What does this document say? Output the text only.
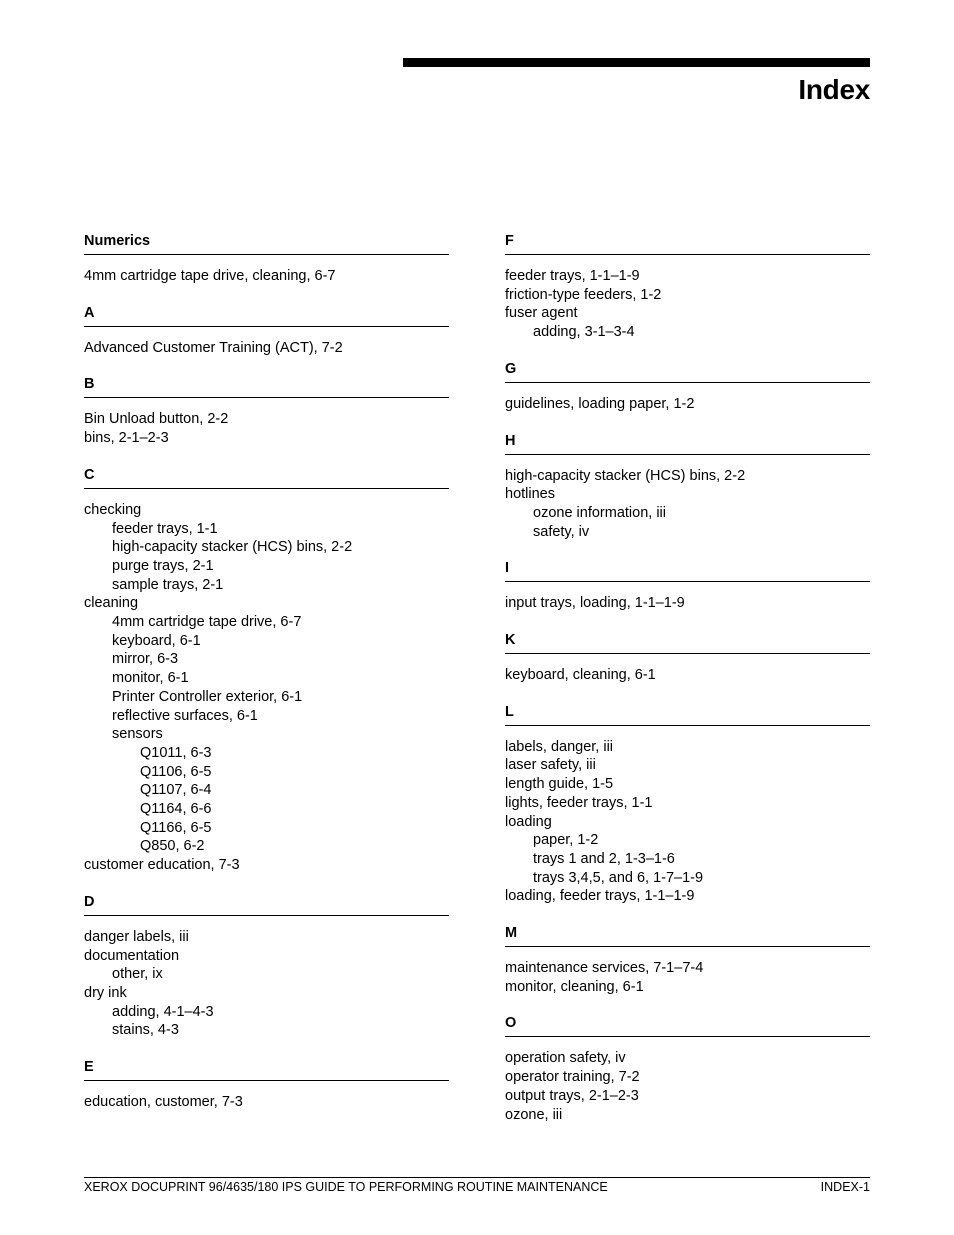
Index
Numerics
4mm cartridge tape drive, cleaning, 6-7
A
Advanced Customer Training (ACT), 7-2
B
Bin Unload button, 2-2
bins, 2-1–2-3
C
checking
feeder trays, 1-1
high-capacity stacker (HCS) bins, 2-2
purge trays, 2-1
sample trays, 2-1
cleaning
4mm cartridge tape drive, 6-7
keyboard, 6-1
mirror, 6-3
monitor, 6-1
Printer Controller exterior, 6-1
reflective surfaces, 6-1
sensors
Q1011, 6-3
Q1106, 6-5
Q1107, 6-4
Q1164, 6-6
Q1166, 6-5
Q850, 6-2
customer education, 7-3
D
danger labels, iii
documentation
other, ix
dry ink
adding, 4-1–4-3
stains, 4-3
E
education, customer, 7-3
F
feeder trays, 1-1–1-9
friction-type feeders, 1-2
fuser agent
adding, 3-1–3-4
G
guidelines, loading paper, 1-2
H
high-capacity stacker (HCS) bins, 2-2
hotlines
ozone information, iii
safety, iv
I
input trays, loading, 1-1–1-9
K
keyboard, cleaning, 6-1
L
labels, danger, iii
laser safety, iii
length guide, 1-5
lights, feeder trays, 1-1
loading
paper, 1-2
trays 1 and 2, 1-3–1-6
trays 3,4,5, and 6, 1-7–1-9
loading, feeder trays, 1-1–1-9
M
maintenance services, 7-1–7-4
monitor, cleaning, 6-1
O
operation safety, iv
operator training, 7-2
output trays, 2-1–2-3
ozone, iii
XEROX DOCUPRINT 96/4635/180 IPS GUIDE TO PERFORMING ROUTINE MAINTENANCE	INDEX-1
